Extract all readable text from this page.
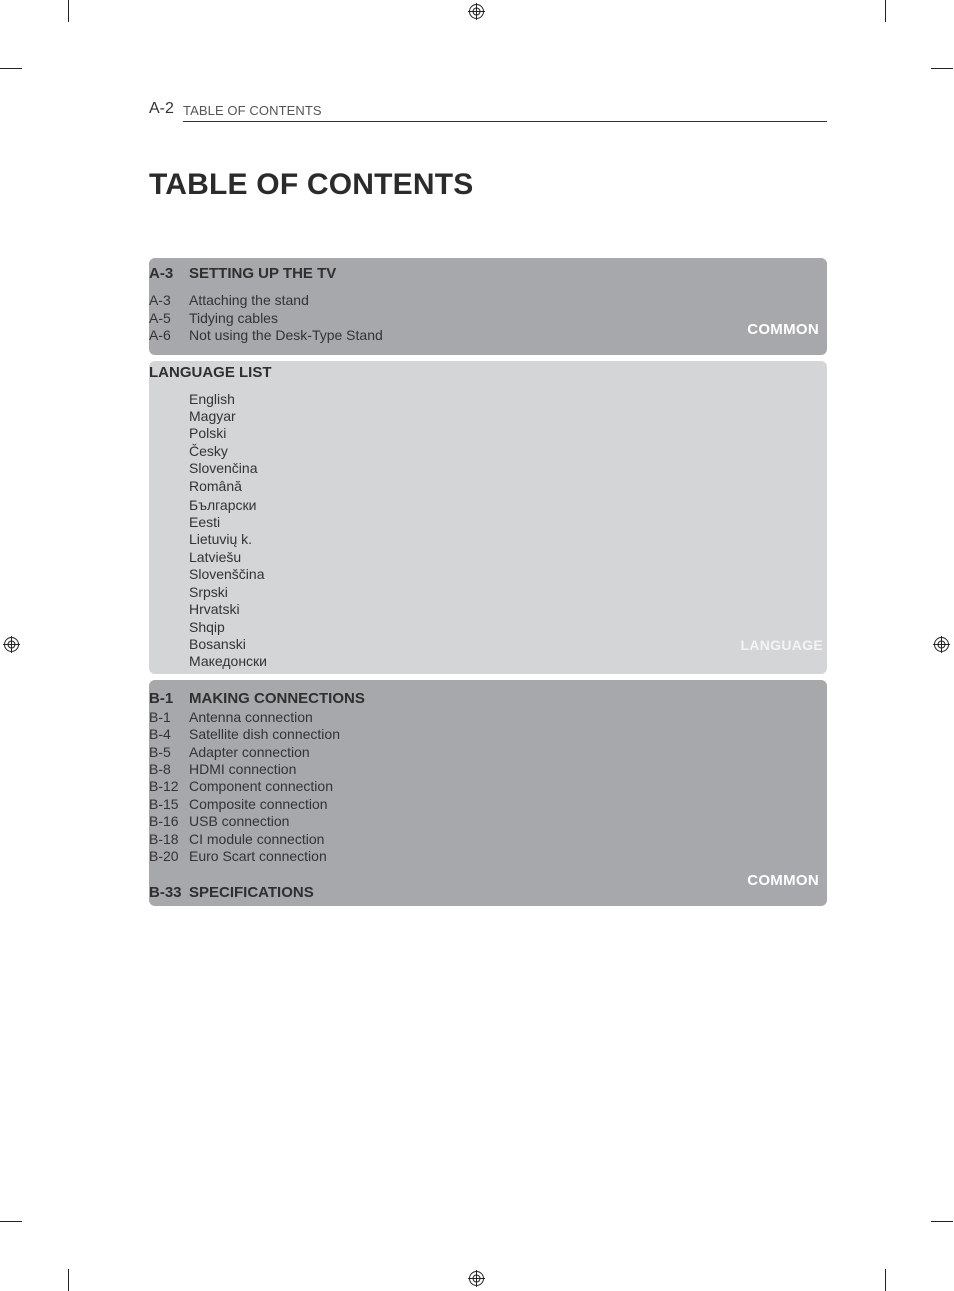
A-2 TABLE OF CONTENTS
TABLE OF CONTENTS
A-3 SETTING UP THE TV
A-3 Attaching the stand
A-5 Tidying cables
A-6 Not using the Desk-Type Stand	COMMON
LANGUAGE LIST
English
Magyar
Polski
Česky
Slovenčina
Română
Български
Eesti
Lietuvių k.
Latviešu
Slovenščina
Srpski
Hrvatski
Shqip
Bosanski
Македонски
LANGUAGE
B-1 MAKING CONNECTIONS
B-1 Antenna connection
B-4 Satellite dish connection
B-5 Adapter connection
B-8 HDMI connection
B-12 Component connection
B-15 Composite connection
B-16 USB connection
B-18 CI module connection
B-20 Euro Scart connection
COMMON
B-33 SPECIFICATIONS
